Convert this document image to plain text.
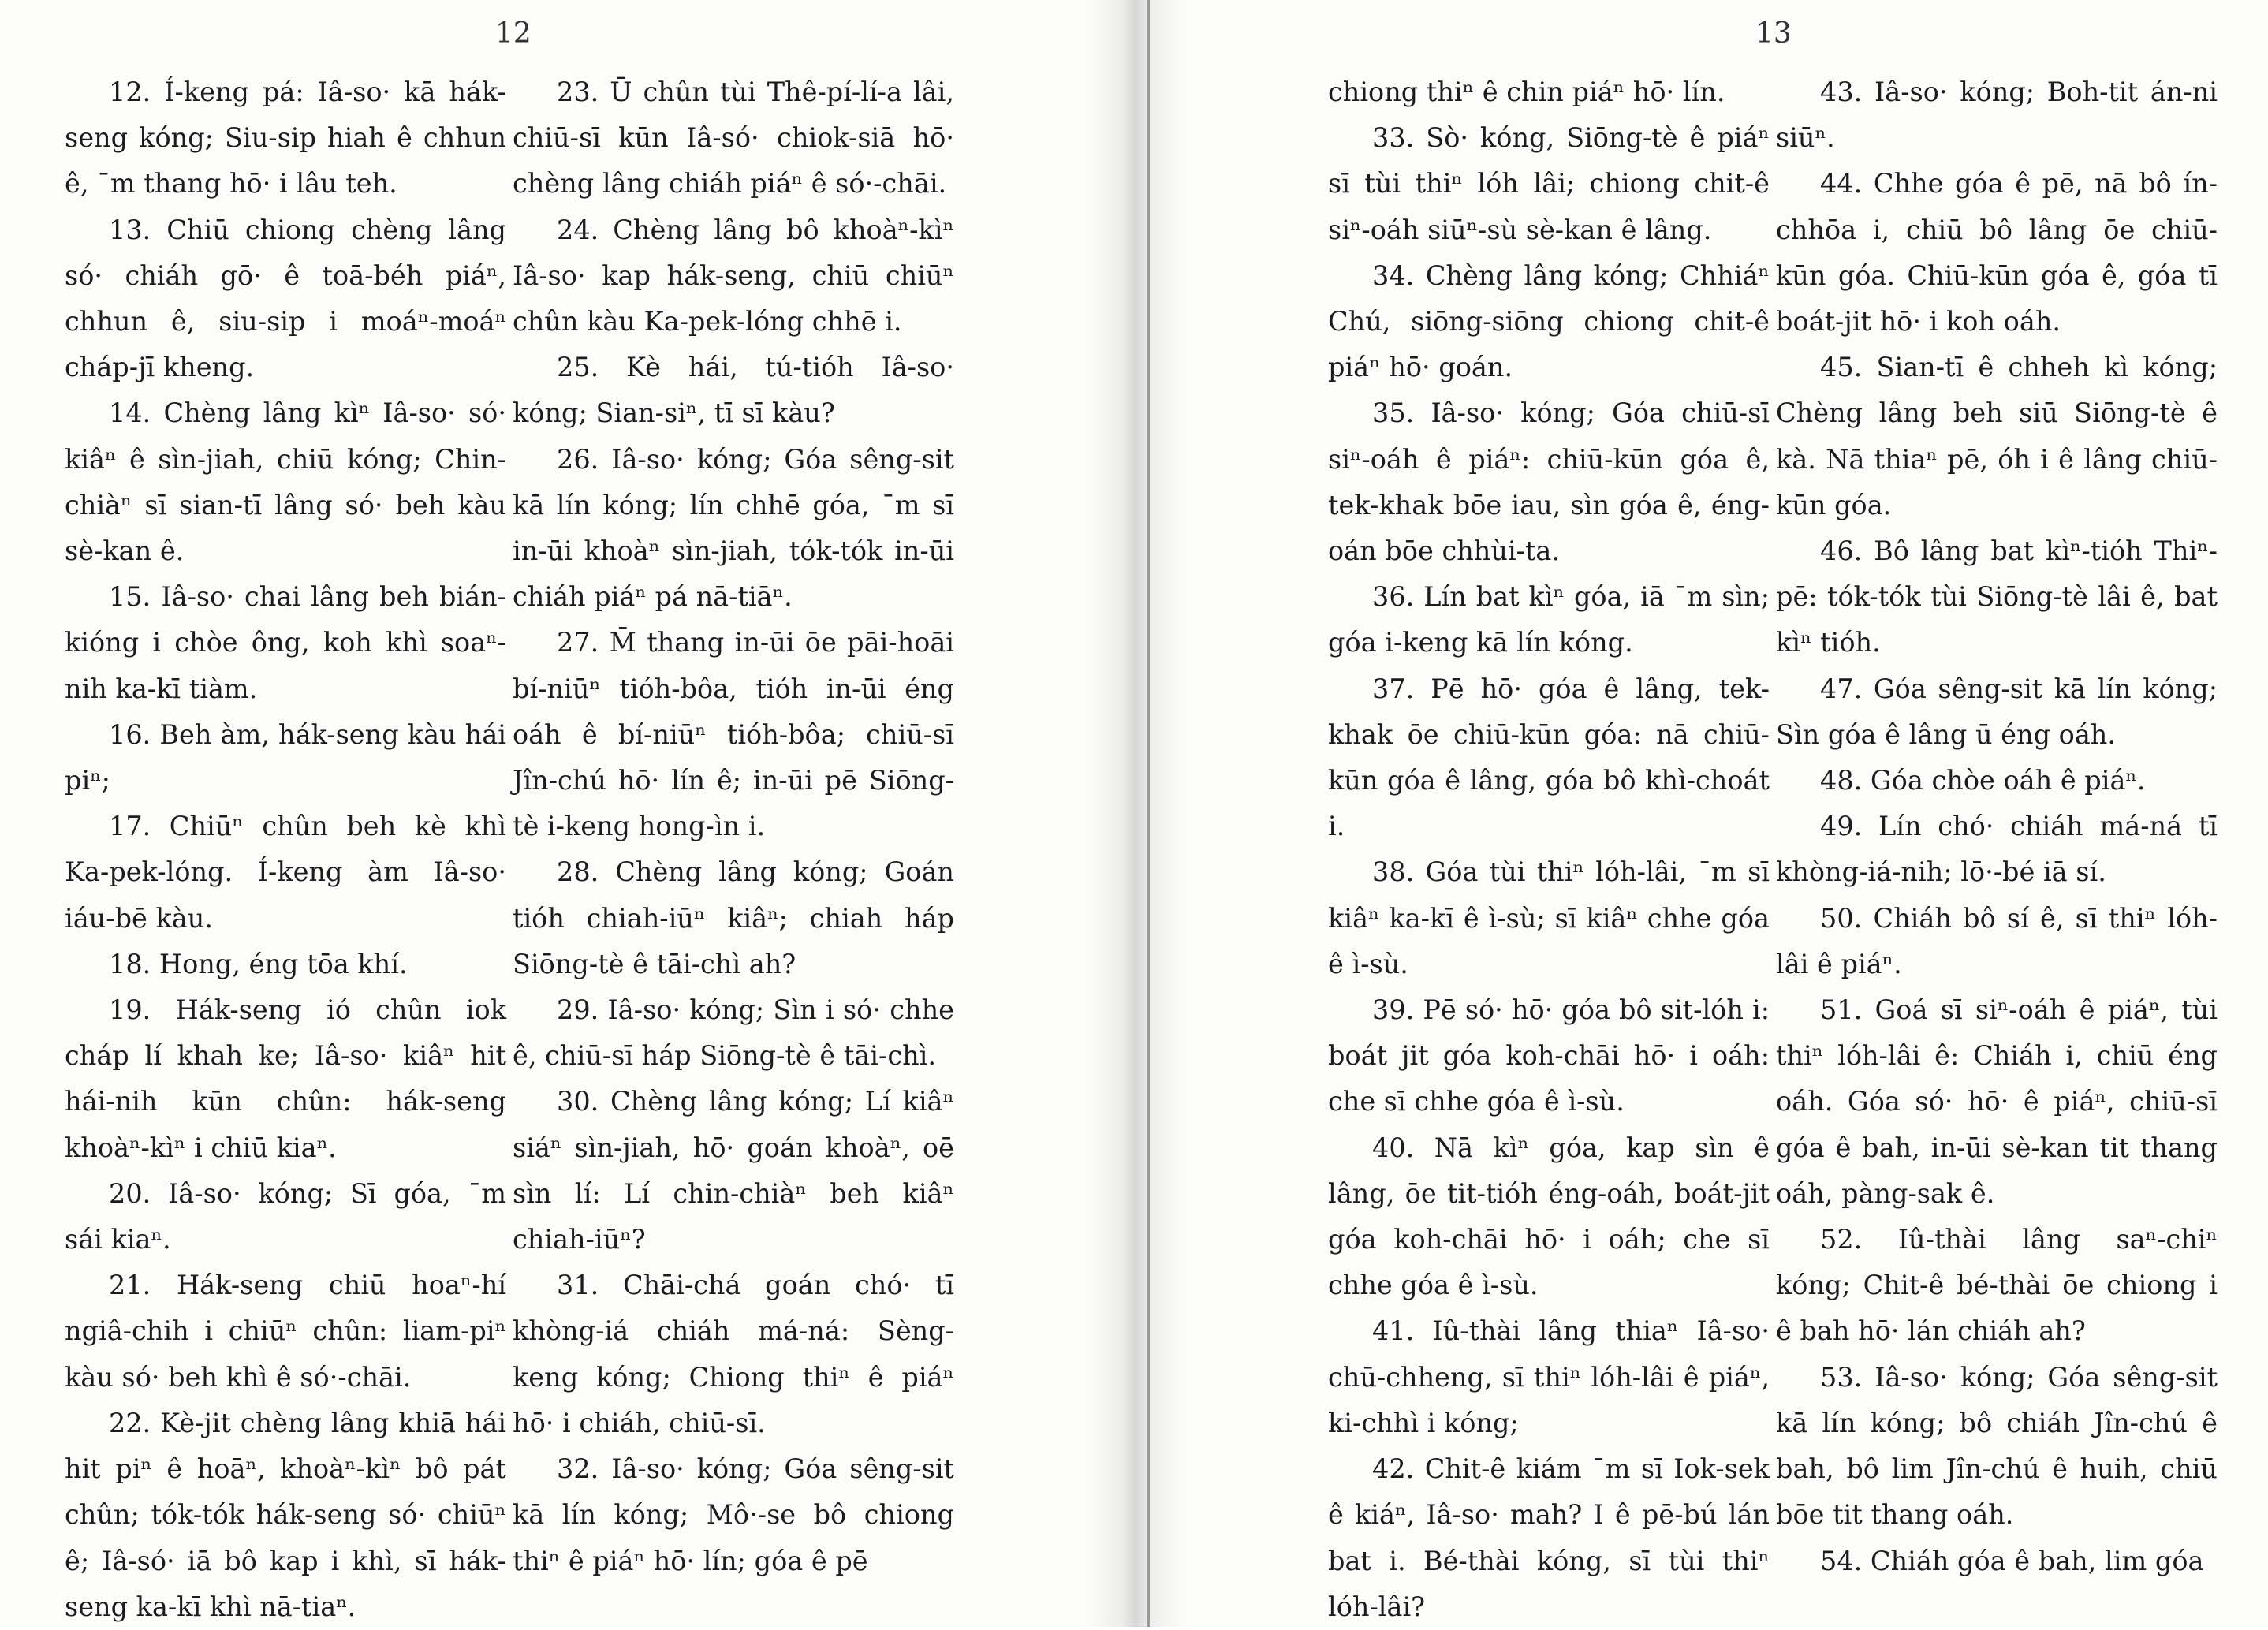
12	13

12. Í-keng pá: Iâ-so· kā hák-seng kóng; Siu-sip hiah ê chhun ê, ˉm thang hō· i lâu teh.

13. Chiū chiong chèng lâng só· chiáh gō· ê toā-béh piáⁿ, chhun ê, siu-sip i moáⁿ-moáⁿ cháp-jī kheng.

14. Chèng lâng kìⁿ Iâ-so· só· kiâⁿ ê sìn-jiah, chiū kóng; Chin-chiàⁿ sī sian-tī lâng só· beh kàu sè-kan ê.

15. Iâ-so· chai lâng beh bián-kióng i chòe ông, koh khì soaⁿ-nih ka-kī tiàm.

16. Beh àm, hák-seng kàu hái piⁿ;

17. Chiūⁿ chûn beh kè khì Ka-pek-lóng. Í-keng àm Iâ-so· iáu-bē kàu.

18. Hong, éng tōa khí.

19. Hák-seng ió chûn iok cháp lí khah ke; Iâ-so· kiâⁿ hit hái-nih kūn chûn: hák-seng khoàⁿ-kìⁿ i chiū kiaⁿ.

20. Iâ-so· kóng; Sī góa, ˉm sái kiaⁿ.

21. Hák-seng chiū hoaⁿ-hí ngiâ-chih i chiūⁿ chûn: liam-piⁿ kàu só· beh khì ê só·-chāi.

22. Kè-jit chèng lâng khiā hái hit piⁿ ê hoāⁿ, khoàⁿ-kìⁿ bô pát chûn; tók-tók hák-seng só· chiūⁿ ê; Iâ-só· iā bô kap i khì, sī hák-seng ka-kī khì nā-tiaⁿ.

23. Ū chûn tùi Thê-pí-lí-a lâi, chiū-sī kūn Iâ-só· chiok-siā hō· chèng lâng chiáh piáⁿ ê só·-chāi.

24. Chèng lâng bô khoàⁿ-kìⁿ Iâ-so· kap hák-seng, chiū chiūⁿ chûn kàu Ka-pek-lóng chhē i.

25. Kè hái, tú-tióh Iâ-so· kóng; Sian-siⁿ, tī sī kàu?

26. Iâ-so· kóng; Góa sêng-sit kā lín kóng; lín chhē góa, ˉm sī in-ūi khoàⁿ sìn-jiah, tók-tók in-ūi chiáh piáⁿ pá nā-tiāⁿ.

27. M̄ thang in-ūi ōe pāi-hoāi bí-niūⁿ tióh-bôa, tióh in-ūi éng oáh ê bí-niūⁿ tióh-bôa; chiū-sī Jîn-chú hō· lín ê; in-ūi pē Siōng-tè i-keng hong-ìn i.

28. Chèng lâng kóng; Goán tióh chiah-iūⁿ kiâⁿ; chiah háp Siōng-tè ê tāi-chì ah?

29. Iâ-so· kóng; Sìn i só· chhe ê, chiū-sī háp Siōng-tè ê tāi-chì.

30. Chèng lâng kóng; Lí kiâⁿ siáⁿ sìn-jiah, hō· goán khoàⁿ, oē sìn lí: Lí chin-chiàⁿ beh kiâⁿ chiah-iūⁿ?

31. Chāi-chá goán chó· tī khòng-iá chiáh má-ná: Sèng-keng kóng; Chiong thiⁿ ê piáⁿ hō· i chiáh, chiū-sī.

32. Iâ-so· kóng; Góa sêng-sit kā lín kóng; Mô·-se bô chiong thiⁿ ê piáⁿ hō· lín; góa ê pē

chiong thiⁿ ê chin piáⁿ hō· lín.

33. Sò· kóng, Siōng-tè ê piáⁿ sī tùi thiⁿ lóh lâi; chiong chit-ê siⁿ-oáh siūⁿ-sù sè-kan ê lâng.

34. Chèng lâng kóng; Chhiáⁿ Chú, siōng-siōng chiong chit-ê piáⁿ hō· goán.

35. Iâ-so· kóng; Góa chiū-sī siⁿ-oáh ê piáⁿ: chiū-kūn góa ê, tek-khak bōe iau, sìn góa ê, éng-oán bōe chhùi-ta.

36. Lín bat kìⁿ góa, iā ˉm sìn; góa i-keng kā lín kóng.

37. Pē hō· góa ê lâng, tek-khak ōe chiū-kūn góa: nā chiū-kūn góa ê lâng, góa bô khì-choát i.

38. Góa tùi thiⁿ lóh-lâi, ˉm sī kiâⁿ ka-kī ê ì-sù; sī kiâⁿ chhe góa ê ì-sù.

39. Pē só· hō· góa bô sit-lóh i: boát jit góa koh-chāi hō· i oáh: che sī chhe góa ê ì-sù.

40. Nā kìⁿ góa, kap sìn ê lâng, ōe tit-tióh éng-oáh, boát-jit góa koh-chāi hō· i oáh; che sī chhe góa ê ì-sù.

41. Iû-thài lâng thiaⁿ Iâ-so· chū-chheng, sī thiⁿ lóh-lâi ê piáⁿ, ki-chhì i kóng;

42. Chit-ê kiám ˉm sī Iok-sek ê kiáⁿ, Iâ-so· mah? I ê pē-bú lán bat i. Bé-thài kóng, sī tùi thiⁿ lóh-lâi?

43. Iâ-so· kóng; Boh-tit án-ni siūⁿ.

44. Chhe góa ê pē, nā bô ín-chhōa i, chiū bô lâng ōe chiū-kūn góa. Chiū-kūn góa ê, góa tī boát-jit hō· i koh oáh.

45. Sian-tī ê chheh kì kóng; Chèng lâng beh siū Siōng-tè ê kà. Nā thiaⁿ pē, óh i ê lâng chiū-kūn góa.

46. Bô lâng bat kìⁿ-tióh Thiⁿ-pē: tók-tók tùi Siōng-tè lâi ê, bat kìⁿ tióh.

47. Góa sêng-sit kā lín kóng; Sìn góa ê lâng ū éng oáh.

48. Góa chòe oáh ê piáⁿ.

49. Lín chó· chiáh má-ná tī khòng-iá-nih; lō·-bé iā sí.

50. Chiáh bô sí ê, sī thiⁿ lóh-lâi ê piáⁿ.

51. Goá sī siⁿ-oáh ê piáⁿ, tùi thiⁿ lóh-lâi ê: Chiáh i, chiū éng oáh. Góa só· hō· ê piáⁿ, chiū-sī góa ê bah, in-ūi sè-kan tit thang oáh, pàng-sak ê.

52. Iû-thài lâng saⁿ-chiⁿ kóng; Chit-ê bé-thài ōe chiong i ê bah hō· lán chiáh ah?

53. Iâ-so· kóng; Góa sêng-sit kā lín kóng; bô chiáh Jîn-chú ê bah, bô lim Jîn-chú ê huih, chiū bōe tit thang oáh.

54. Chiáh góa ê bah, lim góa
